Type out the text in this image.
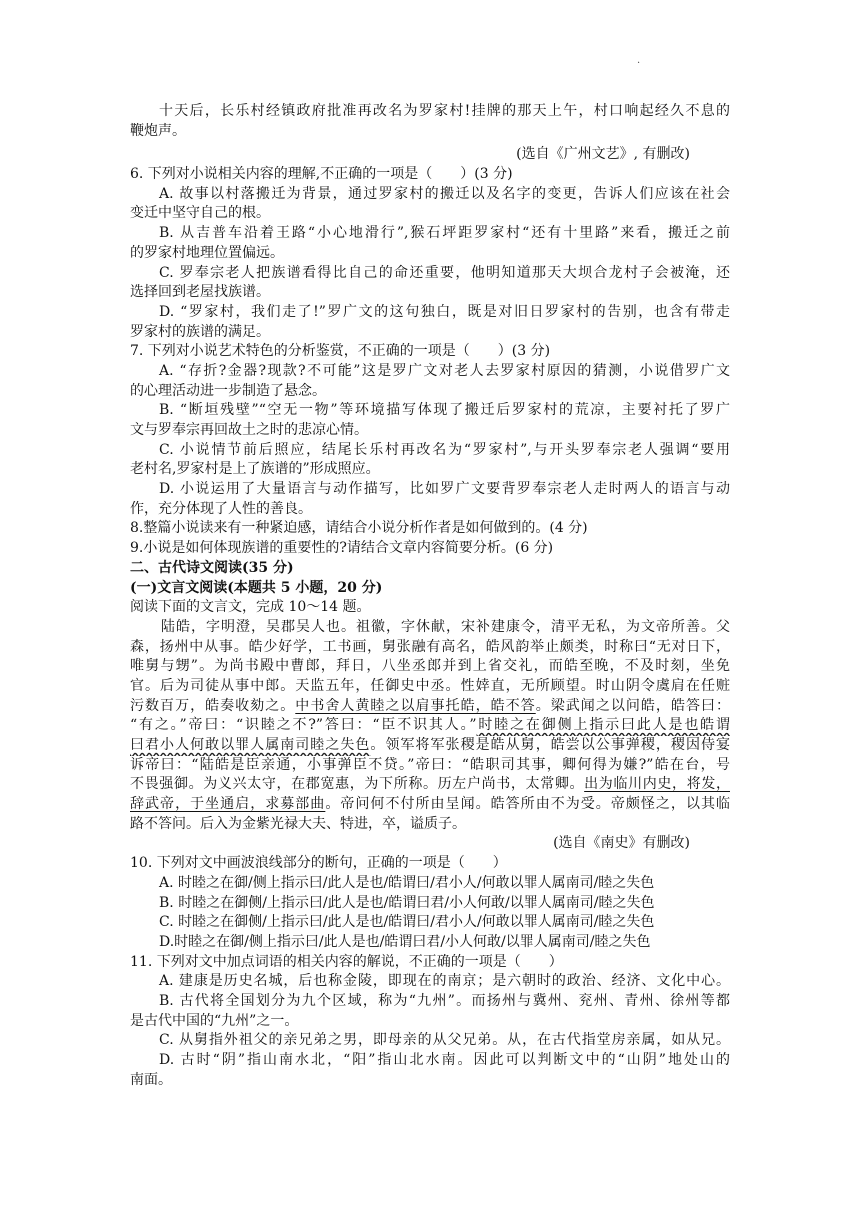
·
十天后，长乐村经镇政府批准再改名为罗家村!挂牌的那天上午，村口响起经久不息的
鞭炮声。
(选自《广州文艺》, 有删改)
6. 下列对小说相关内容的理解,不正确的一项是（　　）(3 分)
A. 故事以村落搬迁为背景，通过罗家村的搬迁以及名字的变更，告诉人们应该在社会
变迁中坚守自己的根。
B. 从吉普车沿着王路“小心地滑行”,猴石坪距罗家村“还有十里路”来看，搬迁之前
的罗家村地理位置偏远。
C. 罗奉宗老人把族谱看得比自己的命还重要，他明知道那天大坝合龙村子会被淹，还
选择回到老屋找族谱。
D. “罗家村，我们走了!”罗广文的这句独白，既是对旧日罗家村的告别，也含有带走
罗家村的族谱的满足。
7. 下列对小说艺术特色的分析鉴赏，不正确的一项是（　　）(3 分)
A. “存折?金器?现款?不可能”这是罗广文对老人去罗家村原因的猜测，小说借罗广文
的心理活动进一步制造了悬念。
B. “断垣残壁”“空无一物”等环境描写体现了搬迁后罗家村的荒凉，主要衬托了罗广
文与罗奉宗再回故土之时的悲凉心情。
C. 小说情节前后照应，结尾长乐村再改名为“罗家村”,与开头罗奉宗老人强调“要用
老村名,罗家村是上了族谱的”形成照应。
D. 小说运用了大量语言与动作描写，比如罗广文要背罗奉宗老人走时两人的语言与动
作，充分体现了人性的善良。
8.整篇小说读来有一种紧迫感，请结合小说分析作者是如何做到的。(4 分)
9.小说是如何体现族谱的重要性的?请结合文章内容简要分析。(6 分)
二、古代诗文阅读(35 分)
(一)文言文阅读(本题共 5 小题，20 分)
阅读下面的文言文，完成 10～14 题。
陆皓，字明澄，吴郡吴人也。祖徽，字休献，宋补建康令，清平无私，为文帝所善。父
森，扬州中从事。皓少好学，工书画，舅张融有高名，皓风韵举止颇类，时称曰“无对日下，
唯舅与甥”。为尚书殿中曹郎，拜日，八坐丞郎并到上省交礼，而皓至晚，不及时刻，坐免
官。后为司徒从事中郎。天监五年，任御史中丞。性婞直，无所顾望。时山阴令虞肩在任赃
污数百万，皓奏收劾之。中书舍人黄睦之以肩事托皓，皓不答。梁武闻之以问皓，皓答曰：
“有之。”帝曰：“识睦之不?”答曰：“臣不识其人。”时睦之在御侧上指示曰此人是也皓谓
曰君小人何敢以罪人属南司睦之失色。领军将军张稷是皓从舅，皓尝以公事弹稷，稷因侍宴
诉帝曰：“陆皓是臣亲通，小事弹臣不贷。”帝曰：“皓职司其事，卿何得为嫌?”皓在台，号
不畏强御。为义兴太守，在郡宽惠，为下所称。历左户尚书，太常卿。出为临川内史，将发，
辞武帝，于坐通启，求募部曲。帝问何不付所由呈闻。皓答所由不为受。帝颇怪之，以其临
路不答问。后入为金紫光禄大夫、特进，卒，谥质子。
(选自《南史》有删改)
10. 下列对文中画波浪线部分的断句，正确的一项是（　　）
A. 时睦之在御/侧上指示曰/此人是也/皓谓曰/君小人/何敢以罪人属南司/睦之失色
B. 时睦之在御侧/上指示曰/此人是也/皓谓曰君/小人何敢/以罪人属南司/睦之失色
C. 时睦之在御侧/上指示曰/此人是也/皓谓曰/君小人/何敢以罪人属南司/睦之失色
D.时睦之在御/侧上指示曰/此人是也/皓谓曰君/小人何敢/以罪人属南司/睦之失色
11. 下列对文中加点词语的相关内容的解说，不正确的一项是（　　）
A. 建康是历史名城，后也称金陵，即现在的南京；是六朝时的政治、经济、文化中心。
B. 古代将全国划分为九个区域，称为“九州”。而扬州与冀州、兖州、青州、徐州等都
是古代中国的“九州”之一。
C. 从舅指外祖父的亲兄弟之男，即母亲的从父兄弟。从，在古代指堂房亲属，如从兄。
D. 古时“阴”指山南水北，“阳”指山北水南。因此可以判断文中的“山阴”地处山的
南面。
